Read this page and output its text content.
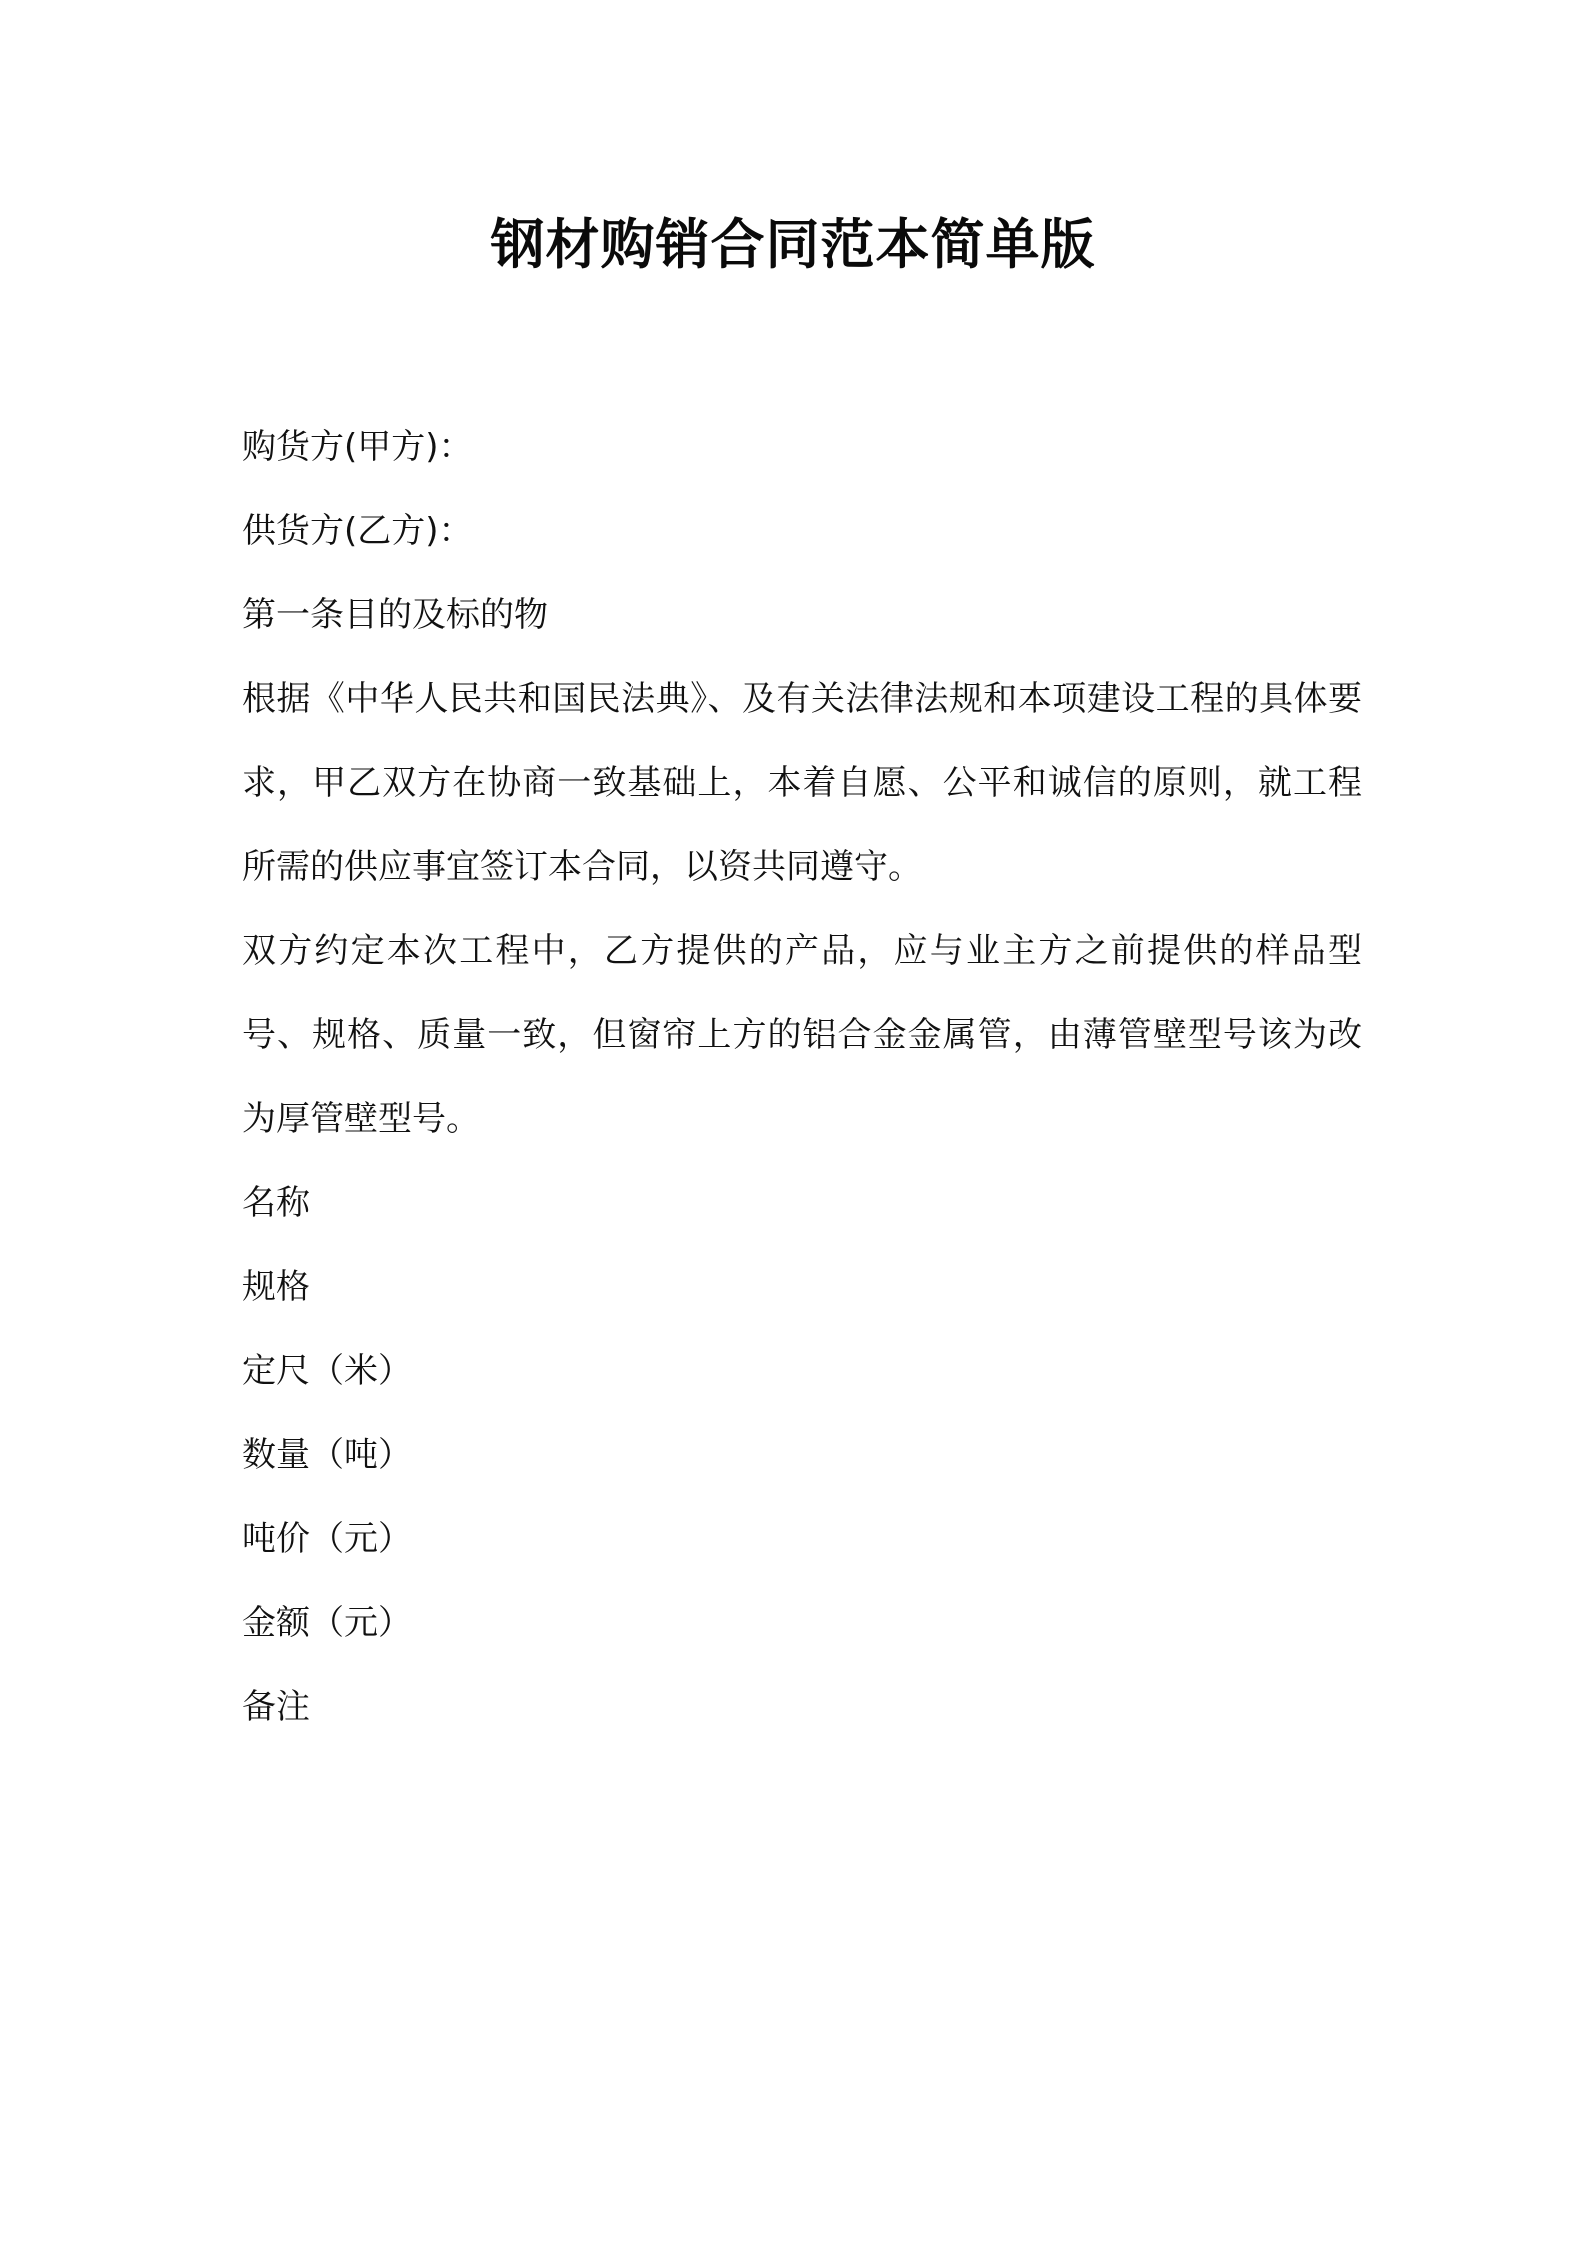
钢材购销合同范本简单版
购货方(甲方)：
供货方(乙方)：
第一条目的及标的物

根据《中华人民共和国民法典》、及有关法律法规和本项建设工程的具体要求，甲乙双方在协商一致基础上，本着自愿、公平和诚信的原则，就工程所需的供应事宜签订本合同，以资共同遵守。

双方约定本次工程中，乙方提供的产品，应与业主方之前提供的样品型号、规格、质量一致，但窗帘上方的铝合金金属管，由薄管壁型号该为改为厚管壁型号。

名称
规格
定尺（米）
数量（吨）
吨价（元）
金额（元）
备注
